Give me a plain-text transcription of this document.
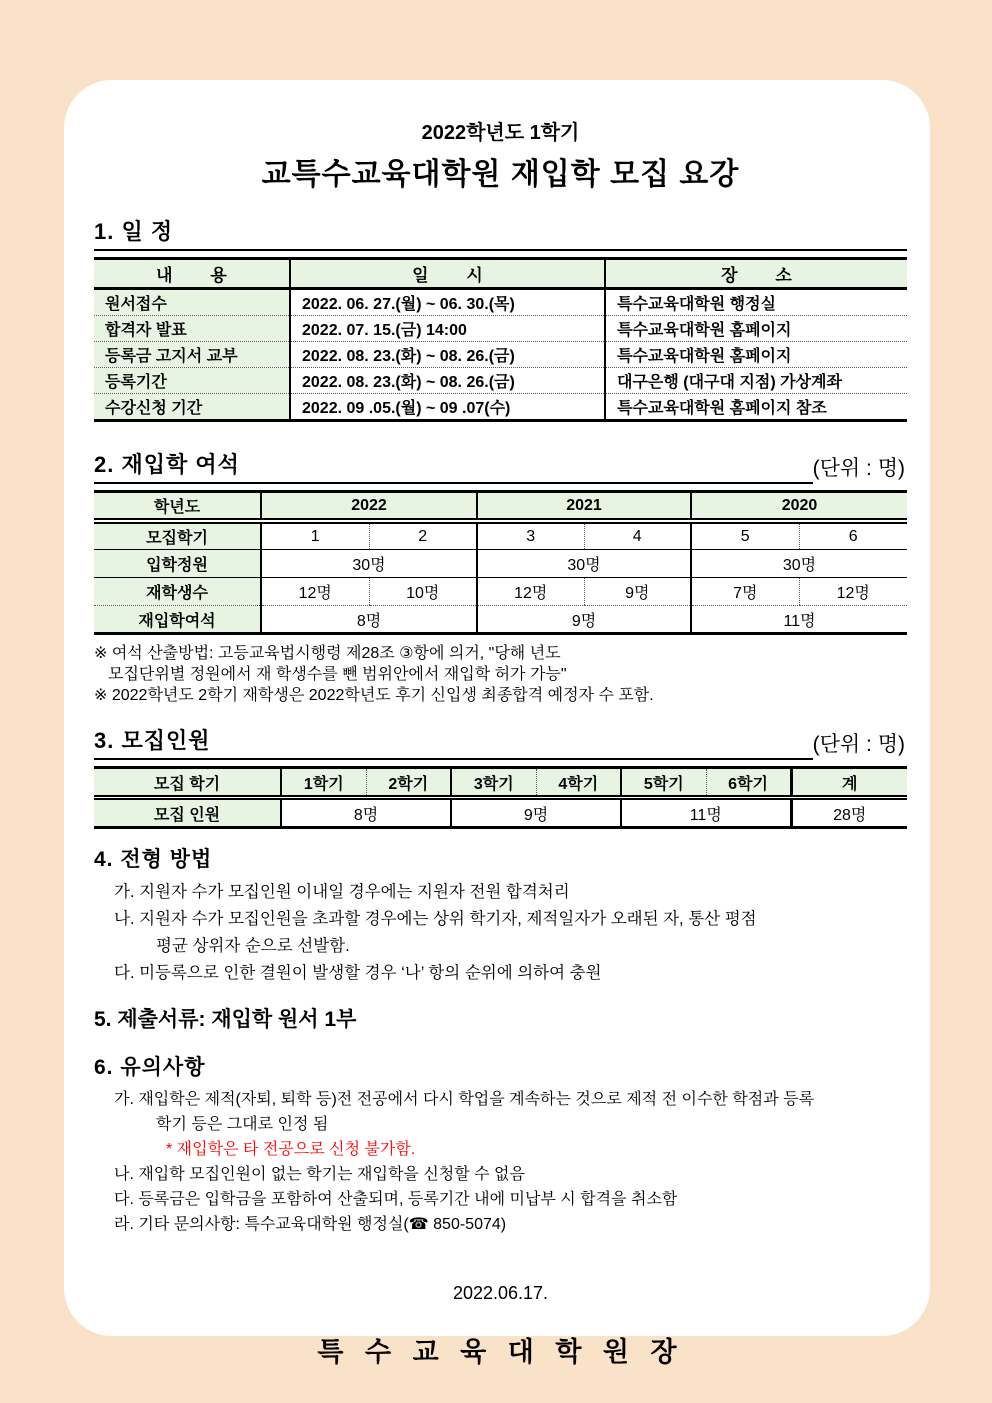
2022학년도 1학기
교특수교육대학원 재입학 모집 요강
1. 일 정
내        용	일        시	장        소
원서접수	2022. 06. 27.(월) ~ 06. 30.(목)	특수교육대학원 행정실
합격자 발표	2022. 07. 15.(금) 14:00	특수교육대학원 홈페이지
등록금 고지서 교부	2022. 08. 23.(화) ~ 08. 26.(금)	특수교육대학원 홈페이지
등록기간	2022. 08. 23.(화) ~ 08. 26.(금)	대구은행 (대구대 지점) 가상계좌
수강신청 기간	2022. 09 .05.(월) ~ 09 .07(수)	특수교육대학원 홈페이지 참조
2. 재입학 여석	(단위 : 명)
학년도	2022		2021		2020	
모집학기	1	2	3	4	5	6
입학정원	30명		30명		30명	
재학생수	12명	10명	12명	9명	7명	12명
재입학여석	8명		9명		11명	
※ 여석 산출방법: 고등교육법시행령 제28조 ③항에 의거, "당해 년도
모집단위별 정원에서 재 학생수를 뺀 범위안에서 재입학 허가 가능"
※ 2022학년도 2학기 재학생은 2022학년도 후기 신입생 최종합격 예정자 수 포함.
3. 모집인원	(단위 : 명)
모집 학기	1학기	2학기	3학기	4학기	5학기	6학기	계
모집 인원	8명		9명		11명		28명
4. 전형 방법
가. 지원자 수가 모집인원 이내일 경우에는 지원자 전원 합격처리
나. 지원자 수가 모집인원을 초과할 경우에는 상위 학기자, 제적일자가 오래된 자, 통산 평점
평균 상위자 순으로 선발함.
다. 미등록으로 인한 결원이 발생할 경우 ‘나’ 항의 순위에 의하여 충원
5. 제출서류: 재입학 원서 1부
6. 유의사항
가. 재입학은 제적(자퇴, 퇴학 등)전 전공에서 다시 학업을 계속하는 것으로 제적 전 이수한 학점과 등록
학기 등은 그대로 인정 됨
* 재입학은 타 전공으로 신청 불가함.
나. 재입학 모집인원이 없는 학기는 재입학을 신청할 수 없음
다. 등록금은 입학금을 포함하여 산출되며, 등록기간 내에 미납부 시 합격을 취소함
라. 기타 문의사항: 특수교육대학원 행정실(☎ 850-5074)
2022.06.17.
특 수 교 육 대 학 원 장
